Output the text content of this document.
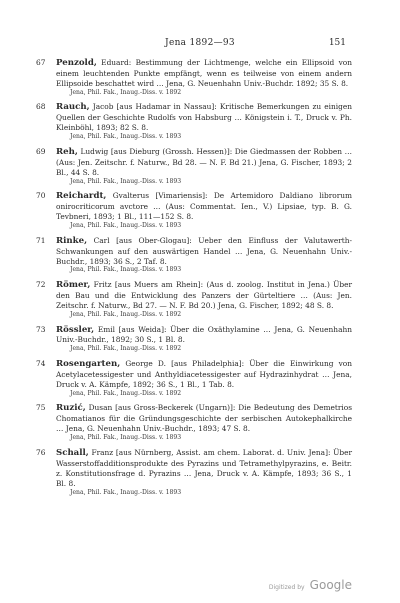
Jena 1892—93	151
67	Penzold, Eduard: Bestimmung der Lichtmenge, welche ein Ellipsoid von einem leuchtenden Punkte empfängt, wenn es teilweise von einem andern Ellipsoide beschattet wird … Jena, G. Neuenhahn Univ.-Buchdr. 1892; 35 S. 8.
Jena, Phil. Fak., Inaug.-Diss. v. 1892
68	Rauch, Jacob [aus Hadamar in Nassau]: Kritische Bemerkungen zu einigen Quellen der Geschichte Rudolfs von Habsburg … Königstein i. T., Druck v. Ph. Kleinböhl, 1893; 82 S. 8.
Jena, Phil. Fak., Inaug.-Diss. v. 1893
69	Reh, Ludwig [aus Dieburg (Grossh. Hessen)]: Die Giedmassen der Robben … (Aus: Jen. Zeitschr. f. Naturw., Bd 28. — N. F. Bd 21.) Jena, G. Fischer, 1893; 2 Bl., 44 S. 8.
Jena, Phil. Fak., Inaug.-Diss. v. 1893
70	Reichardt, Gvalterus [Vimariensis]: De Artemidoro Daldiano librorum onirocriticorum avctore … (Aus: Commentat. Ien., V.) Lipsiae, typ. B. G. Tevbneri, 1893; 1 Bl., 111—152 S. 8.
Jena, Phil. Fak., Inaug.-Diss. v. 1893
71	Rinke, Carl [aus Ober-Glogau]: Ueber den Einfluss der Valutawerth-Schwankungen auf den auswärtigen Handel … Jena, G. Neuenhahn Univ.-Buchdr., 1893; 36 S., 2 Taf. 8.
Jena, Phil. Fak., Inaug.-Diss. v. 1893
72	Römer, Fritz [aus Muers am Rhein]: (Aus d. zoolog. Institut in Jena.) Über den Bau und die Entwicklung des Panzers der Gürteltiere … (Aus: Jen. Zeitschr. f. Naturw., Bd 27. — N. F. Bd 20.) Jena, G. Fischer, 1892; 48 S. 8.
Jena, Phil. Fak., Inaug.-Diss. v. 1892
73	Rössler, Emil [aus Weida]: Über die Oxäthylamine … Jena, G. Neuenhahn Univ.-Buchdr., 1892; 30 S., 1 Bl. 8.
Jena, Phil. Fak., Inaug.-Diss. v. 1892
74	Rosengarten, George D. [aus Philadelphia]: Über die Einwirkung von Acetylacetessigester und Anthyldiacetessigester auf Hydrazinhydrat … Jena, Druck v. A. Kämpfe, 1892; 36 S., 1 Bl., 1 Tab. 8.
Jena, Phil. Fak., Inaug.-Diss. v. 1892
75	Ruzić, Dusan [aus Gross-Beckerek (Ungarn)]: Die Bedeutung des Demetrios Chomatianos für die Gründungsgeschichte der serbischen Autokephalkirche … Jena, G. Neuenhahn Univ.-Buchdr., 1893; 47 S. 8.
Jena, Phil. Fak., Inaug.-Diss. v. 1893
76	Schall, Franz [aus Nürnberg, Assist. am chem. Laborat. d. Univ. Jena]: Über Wasserstoffadditionsprodukte des Pyrazins und Tetramethylpyrazins, e. Beitr. z. Konstitutionsfrage d. Pyrazins … Jena, Druck v. A. Kämpfe, 1893; 36 S., 1 Bl. 8.
Jena, Phil. Fak., Inaug.-Diss. v. 1893
Digitized by Google
